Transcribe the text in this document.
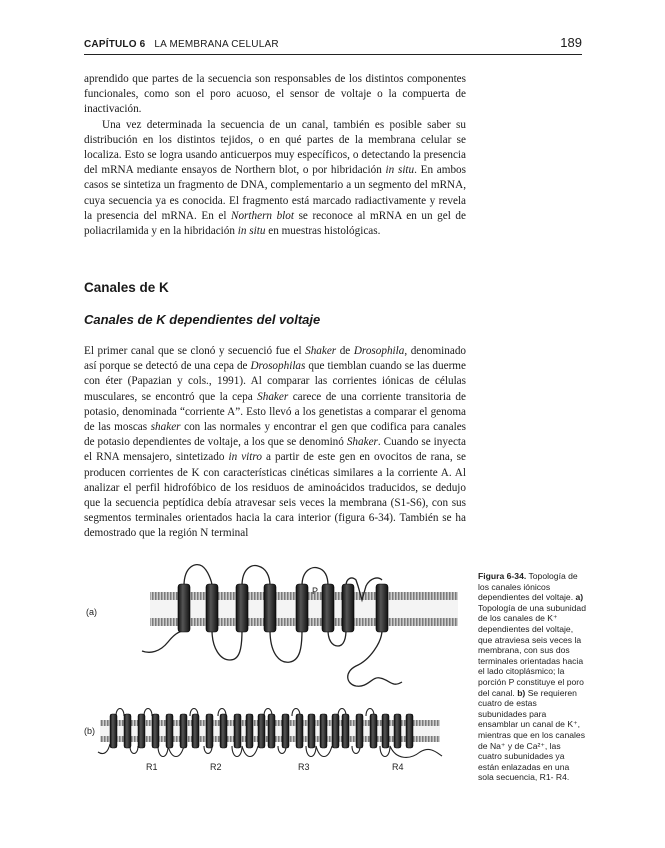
CAPÍTULO 6 LA MEMBRANA CELULAR	189

aprendido que partes de la secuencia son responsables de los distintos componentes funcionales, como son el poro acuoso, el sensor de voltaje o la compuerta de inactivación.

Una vez determinada la secuencia de un canal, también es posible saber su distribución en los distintos tejidos, o en qué partes de la membrana celular se localiza. Esto se logra usando anticuerpos muy específicos, o detectando la presencia del mRNA mediante ensayos de Northern blot, o por hibridación in situ. En ambos casos se sintetiza un fragmento de DNA, complementario a un segmento del mRNA, cuya secuencia ya es conocida. El fragmento está marcado radiactivamente y revela la presencia del mRNA. En el Northern blot se reconoce al mRNA en un gel de poliacrilamida y en la hibridación in situ en muestras histológicas.

Canales de K
Canales de K dependientes del voltaje

El primer canal que se clonó y secuenció fue el Shaker de Drosophila, denominado así porque se detectó de una cepa de Drosophilas que tiemblan cuando se las duerme con éter (Papazian y cols., 1991). Al comparar las corrientes iónicas de células musculares, se encontró que la cepa Shaker carece de una corriente transitoria de potasio, denominada “corriente A”. Esto llevó a los genetistas a comparar el genoma de las moscas shaker con las normales y encontrar el gen que codifica para canales de potasio dependientes de voltaje, a los que se denominó Shaker. Cuando se inyecta el RNA mensajero, sintetizado in vitro a partir de este gen en ovocitos de rana, se producen corrientes de K con características cinéticas similares a la corriente A. Al analizar el perfil hidrofóbico de los residuos de aminoácidos traducidos, se dedujo que la secuencia peptídica debía atravesar seis veces la membrana (S1-S6), con sus segmentos terminales orientados hacia la cara interior (figura 6-34). También se ha demostrado que la región N terminal

(a)
P
(b)
R1	R2	R3	R4
Figura 6-34. Topología de los canales iónicos dependientes del voltaje. a) Topología de una subunidad de los canales de K⁺ dependientes del voltaje, que atraviesa seis veces la membrana, con sus dos terminales orientadas hacia el lado citoplásmico; la porción P constituye el poro del canal. b) Se requieren cuatro de estas subunidades para ensamblar un canal de K⁺, mientras que en los canales de Na⁺ y de Ca²⁺, las cuatro subunidades ya están enlazadas en una sola secuencia, R1- R4.
